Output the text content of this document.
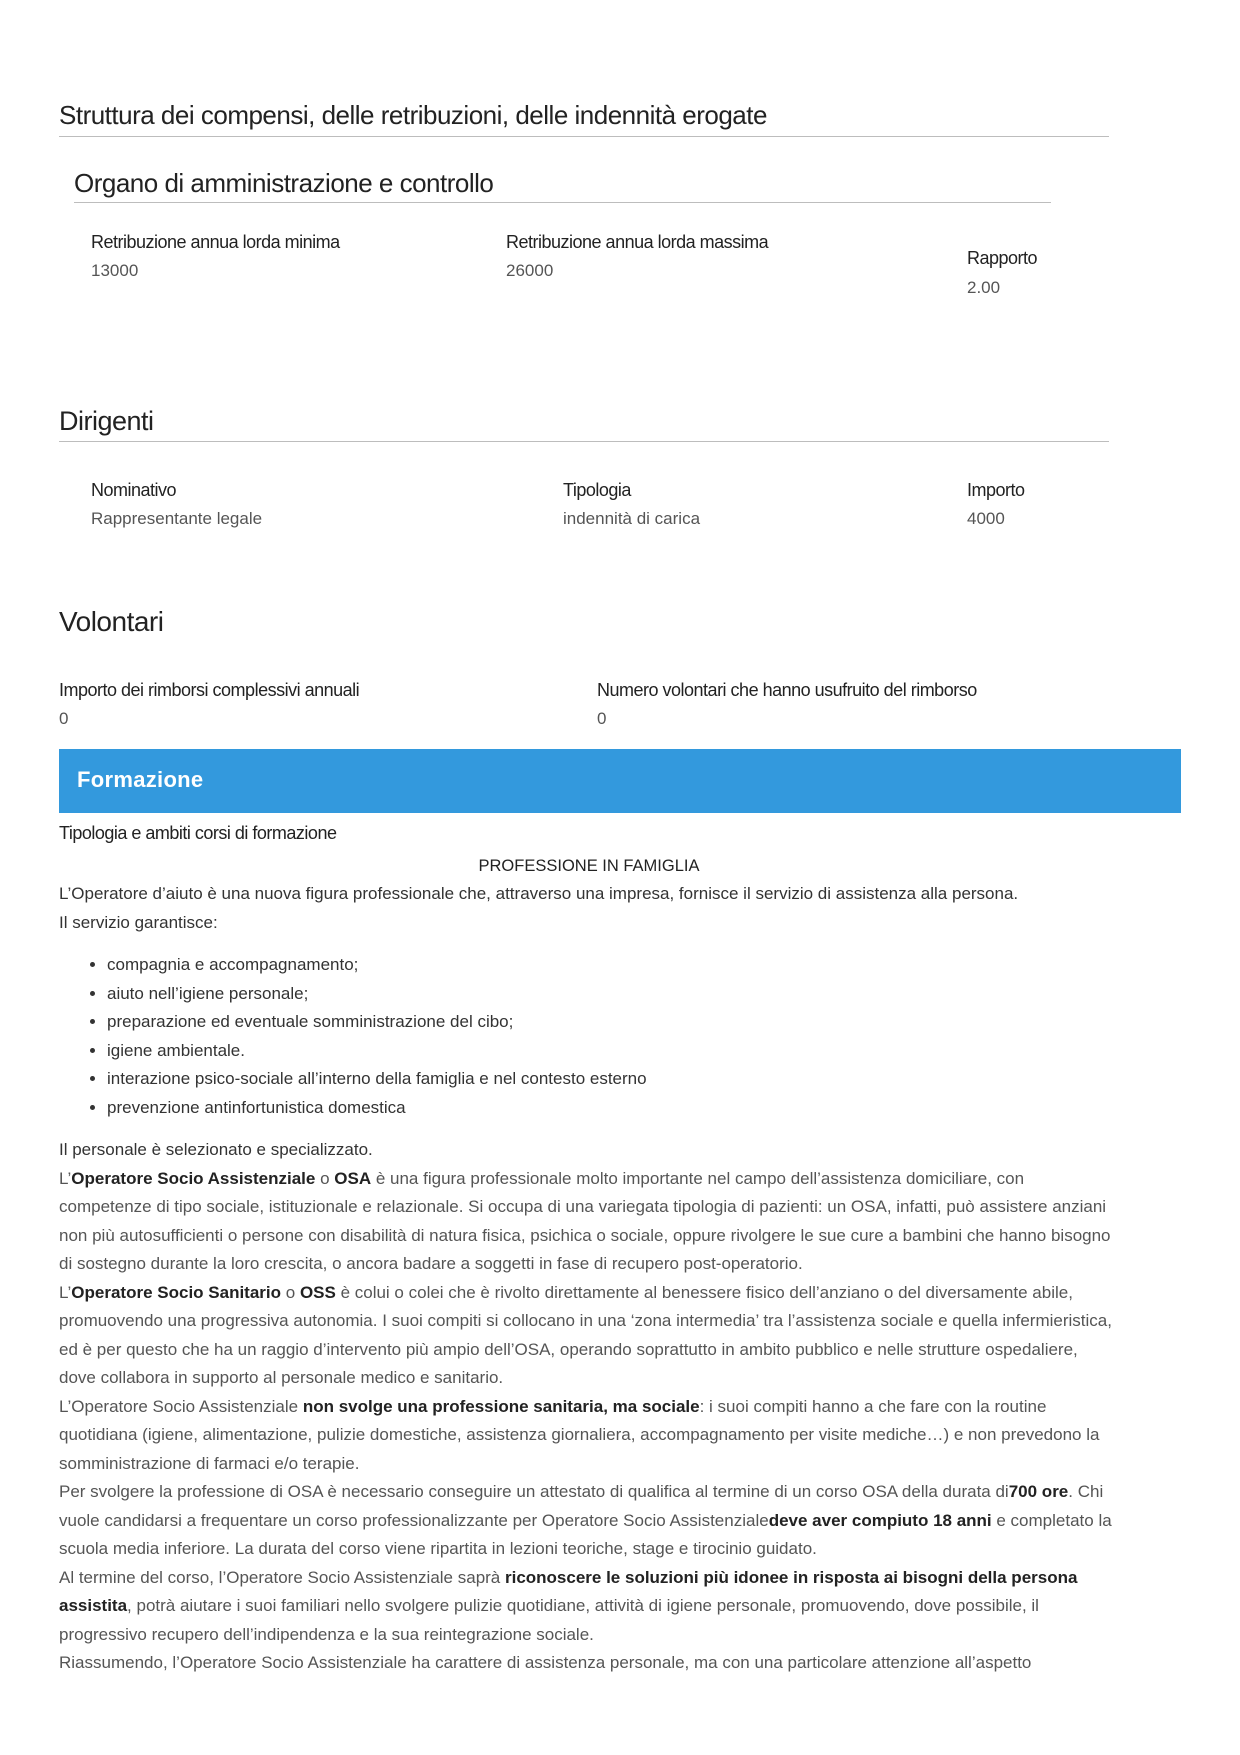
Struttura dei compensi, delle retribuzioni, delle indennità erogate
Organo di amministrazione e controllo
Retribuzione annua lorda minima
13000
Retribuzione annua lorda massima
26000
Rapporto
2.00
Dirigenti
Nominativo
Rappresentante legale
Tipologia
indennità di carica
Importo
4000
Volontari
Importo dei rimborsi complessivi annuali
0
Numero volontari che hanno usufruito del rimborso
0
Formazione
Tipologia e ambiti corsi di formazione
PROFESSIONE IN FAMIGLIA

L’Operatore d’aiuto è una nuova figura professionale che, attraverso una impresa, fornisce il servizio di assistenza alla persona.

Il servizio garantisce:

• compagnia e accompagnamento;
• aiuto nell’igiene personale;
• preparazione ed eventuale somministrazione del cibo;
• igiene ambientale.
• interazione psico-sociale all’interno della famiglia e nel contesto esterno
• prevenzione antinfortunistica domestica

Il personale è selezionato e specializzato.

L’Operatore Socio Assistenziale o OSA è una figura professionale molto importante nel campo dell’assistenza domiciliare, con competenze di tipo sociale, istituzionale e relazionale. Si occupa di una variegata tipologia di pazienti: un OSA, infatti, può assistere anziani non più autosufficienti o persone con disabilità di natura fisica, psichica o sociale, oppure rivolgere le sue cure a bambini che hanno bisogno di sostegno durante la loro crescita, o ancora badare a soggetti in fase di recupero post-operatorio.

L’Operatore Socio Sanitario o OSS è colui o colei che è rivolto direttamente al benessere fisico dell’anziano o del diversamente abile, promuovendo una progressiva autonomia. I suoi compiti si collocano in una ‘zona intermedia’ tra l’assistenza sociale e quella infermieristica, ed è per questo che ha un raggio d’intervento più ampio dell’OSA, operando soprattutto in ambito pubblico e nelle strutture ospedaliere, dove collabora in supporto al personale medico e sanitario.

L’Operatore Socio Assistenziale non svolge una professione sanitaria, ma sociale: i suoi compiti hanno a che fare con la routine quotidiana (igiene, alimentazione, pulizie domestiche, assistenza giornaliera, accompagnamento per visite mediche…) e non prevedono la somministrazione di farmaci e/o terapie.

Per svolgere la professione di OSA è necessario conseguire un attestato di qualifica al termine di un corso OSA della durata di700 ore. Chi vuole candidarsi a frequentare un corso professionalizzante per Operatore Socio Assistenzialedeve aver compiuto 18 anni e completato la scuola media inferiore. La durata del corso viene ripartita in lezioni teoriche, stage e tirocinio guidato.

Al termine del corso, l’Operatore Socio Assistenziale saprà riconoscere le soluzioni più idonee in risposta ai bisogni della persona assistita, potrà aiutare i suoi familiari nello svolgere pulizie quotidiane, attività di igiene personale, promuovendo, dove possibile, il progressivo recupero dell’indipendenza e la sua reintegrazione sociale.

Riassumendo, l’Operatore Socio Assistenziale ha carattere di assistenza personale, ma con una particolare attenzione all’aspetto
